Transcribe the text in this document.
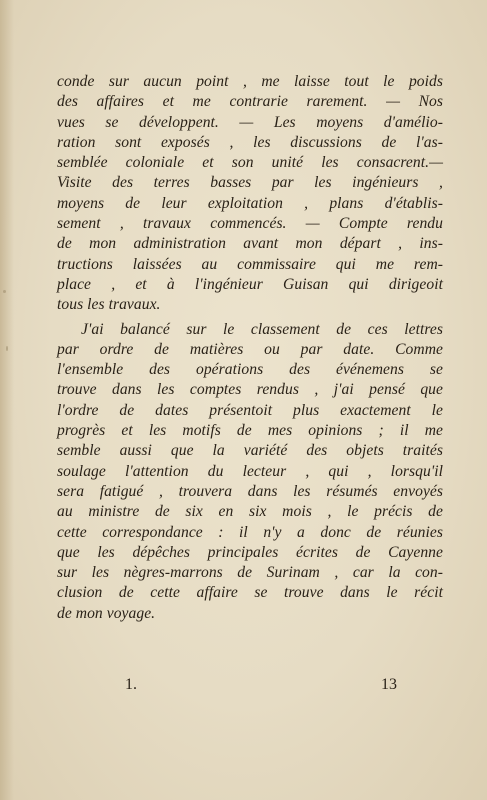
conde sur aucun point , me laisse tout le poids
des affaires et me contrarie rarement. — Nos
vues se développent. — Les moyens d'amélio-
ration sont exposés , les discussions de l'as-
semblée coloniale et son unité les consacrent.—
Visite des terres basses par les ingénieurs ,
moyens de leur exploitation , plans d'établis-
sement , travaux commencés. — Compte rendu
de mon administration avant mon départ , ins-
tructions laissées au commissaire qui me rem-
place , et à l'ingénieur Guisan qui dirigeoit
tous les travaux.
J'ai balancé sur le classement de ces lettres
par ordre de matières ou par date. Comme
l'ensemble des opérations des événemens se
trouve dans les comptes rendus , j'ai pensé que
l'ordre de dates présentoit plus exactement le
progrès et les motifs de mes opinions ; il me
semble aussi que la variété des objets traités
soulage l'attention du lecteur , qui , lorsqu'il
sera fatigué , trouvera dans les résumés envoyés
au ministre de six en six mois , le précis de
cette correspondance : il n'y a donc de réunies
que les dépêches principales écrites de Cayenne
sur les nègres-marrons de Surinam , car la con-
clusion de cette affaire se trouve dans le récit
de mon voyage.
1.	13
